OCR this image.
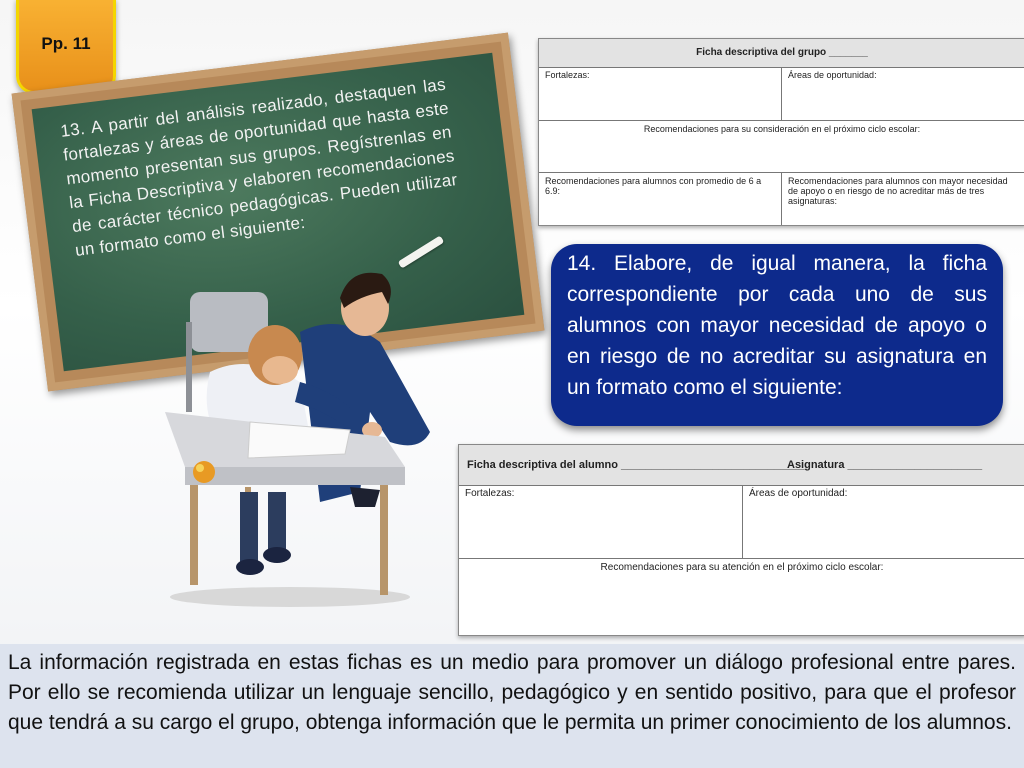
Pp. 11
13. A partir del análisis realizado, destaquen las fortalezas y áreas de oportunidad que hasta este momento presentan sus grupos. Regístrenlas en la Ficha Descriptiva y elaboren recomendaciones de carácter técnico pedagógicas. Pueden utilizar un formato como el siguiente:
Ficha descriptiva del grupo _______
Fortalezas:	Áreas de oportunidad:
Recomendaciones para su consideración en el próximo ciclo escolar:
Recomendaciones para alumnos con promedio de 6 a 6.9:
Recomendaciones para alumnos con mayor necesidad de apoyo o en riesgo de no acreditar más de tres asignaturas:
14. Elabore, de igual manera, la ficha correspondiente por cada uno de sus alumnos con mayor necesidad de apoyo o en riesgo de no acreditar su asignatura en un formato como el siguiente:
Ficha descriptiva del alumno ______________________________
Asignatura ______________________
Fortalezas:	Áreas de oportunidad:
Recomendaciones para su atención en el próximo ciclo escolar:

La información registrada en estas fichas es un medio para promover un diálogo profesional entre pares. Por ello se recomienda utilizar un lenguaje sencillo, pedagógico y en sentido positivo, para que el profesor que tendrá a su cargo el grupo, obtenga información que le permita un primer conocimiento de los alumnos.
